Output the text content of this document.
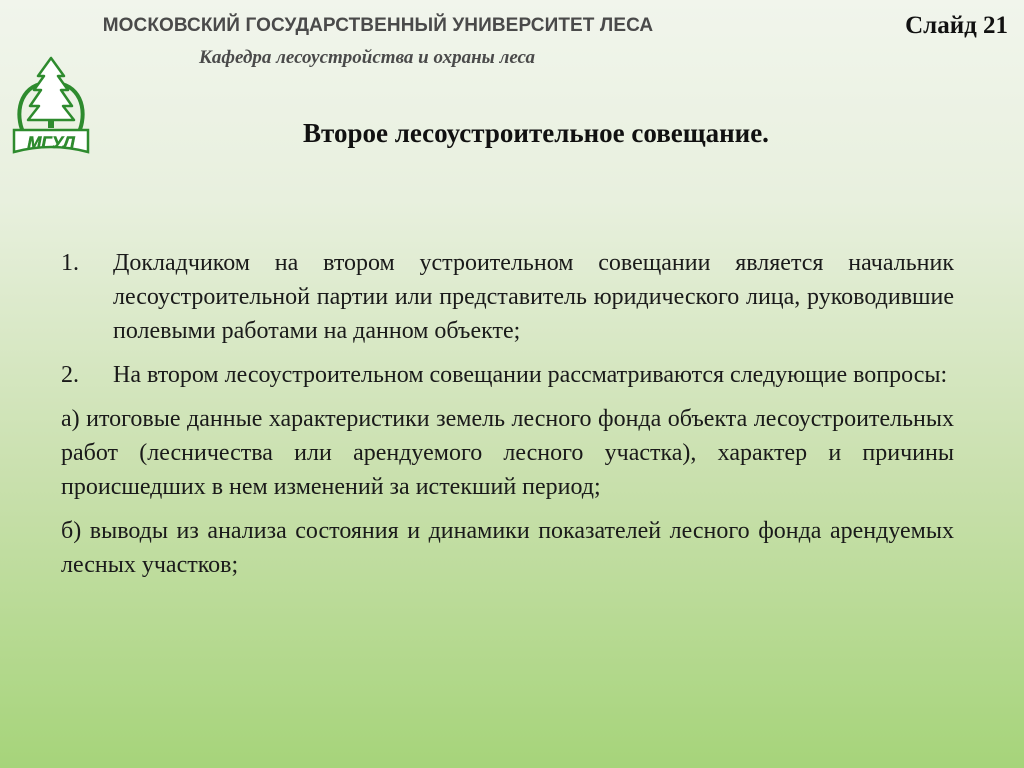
МОСКОВСКИЙ ГОСУДАРСТВЕННЫЙ УНИВЕРСИТЕТ ЛЕСА
Кафедра лесоустройства и охраны леса
Слайд 21
МГУЛ	Второе лесоустроительное совещание.
1. Докладчиком на втором устроительном совещании является начальник лесоустроительной партии или представитель юридического лица, руководившие полевыми работами на данном объекте;
2. На втором лесоустроительном совещании рассматриваются следующие вопросы:
а) итоговые данные характеристики земель лесного фонда объекта лесоустроительных работ (лесничества или арендуемого лесного участка), характер и причины происшедших в нем изменений за истекший период;
б) выводы из анализа состояния и динамики показателей лесного фонда арендуемых лесных участков;
